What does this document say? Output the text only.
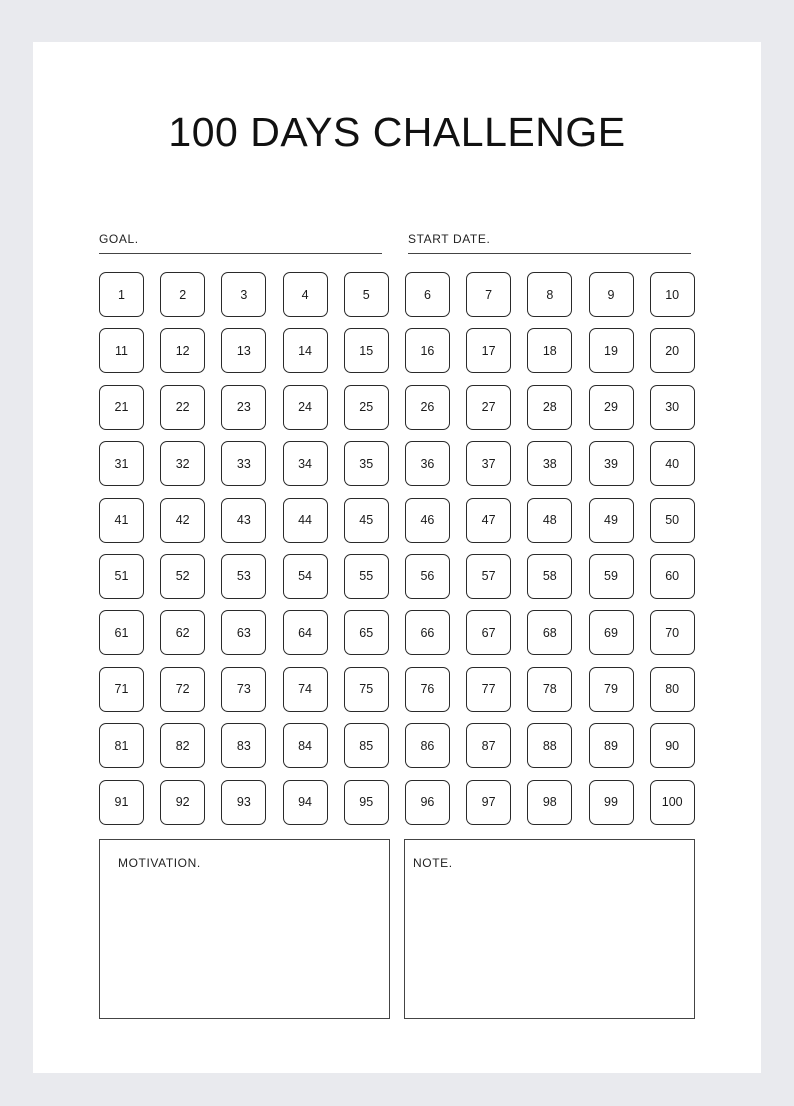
100 DAYS CHALLENGE
GOAL.	START DATE.
1	2	3	4	5	6	7	8	9	10
11	12	13	14	15	16	17	18	19	20
21	22	23	24	25	26	27	28	29	30
31	32	33	34	35	36	37	38	39	40
41	42	43	44	45	46	47	48	49	50
51	52	53	54	55	56	57	58	59	60
61	62	63	64	65	66	67	68	69	70
71	72	73	74	75	76	77	78	79	80
81	82	83	84	85	86	87	88	89	90
91	92	93	94	95	96	97	98	99	100
MOTIVATION.	NOTE.
